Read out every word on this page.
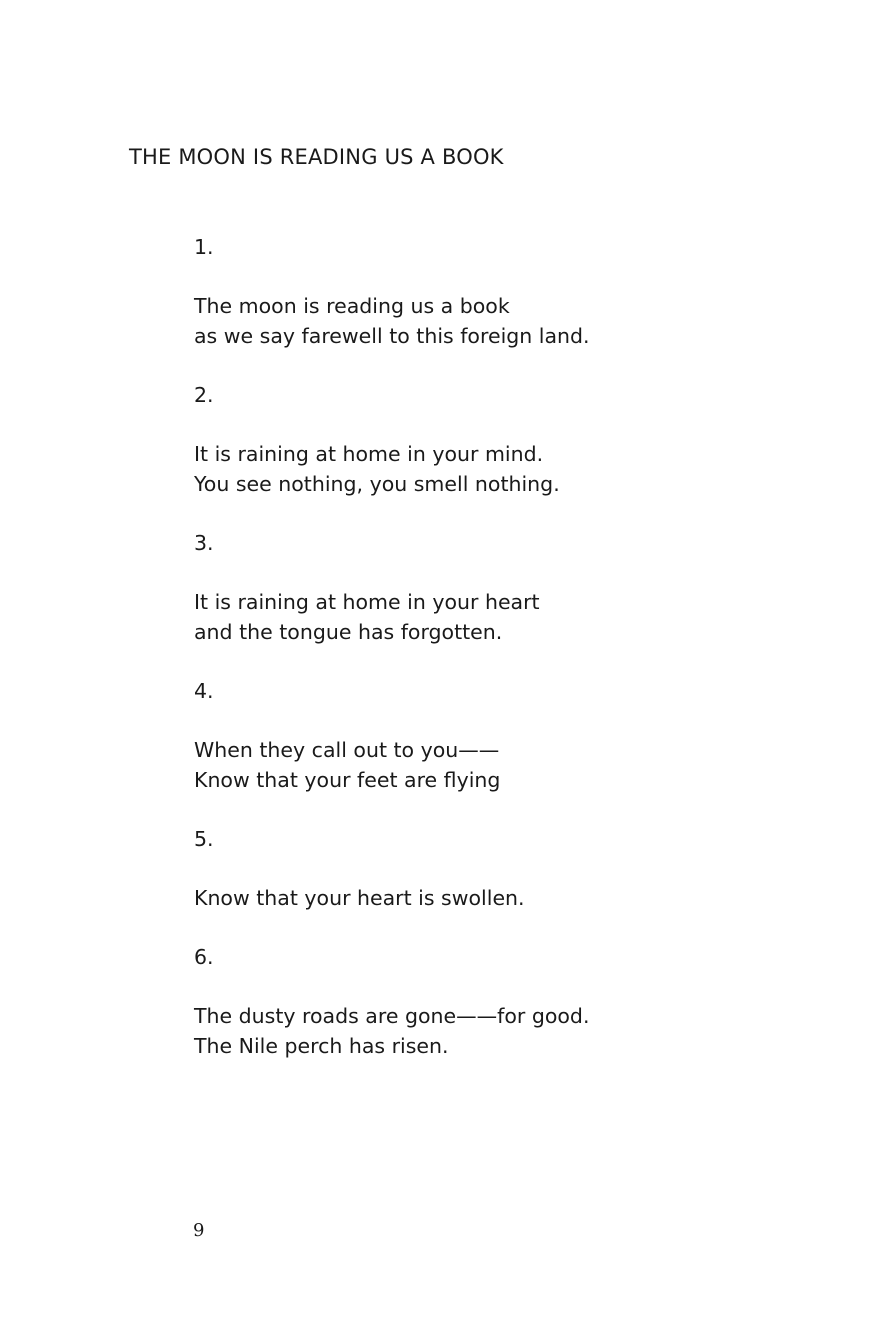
THE MOON IS READING US A BOOK
1.
The moon is reading us a book
as we say farewell to this foreign land.
2.
It is raining at home in your mind.
You see nothing, you smell nothing.
3.
It is raining at home in your heart
and the tongue has forgotten.
4.
When they call out to you——
Know that your feet are flying
5.
Know that your heart is swollen.
6.
The dusty roads are gone——for good.
The Nile perch has risen.
9
